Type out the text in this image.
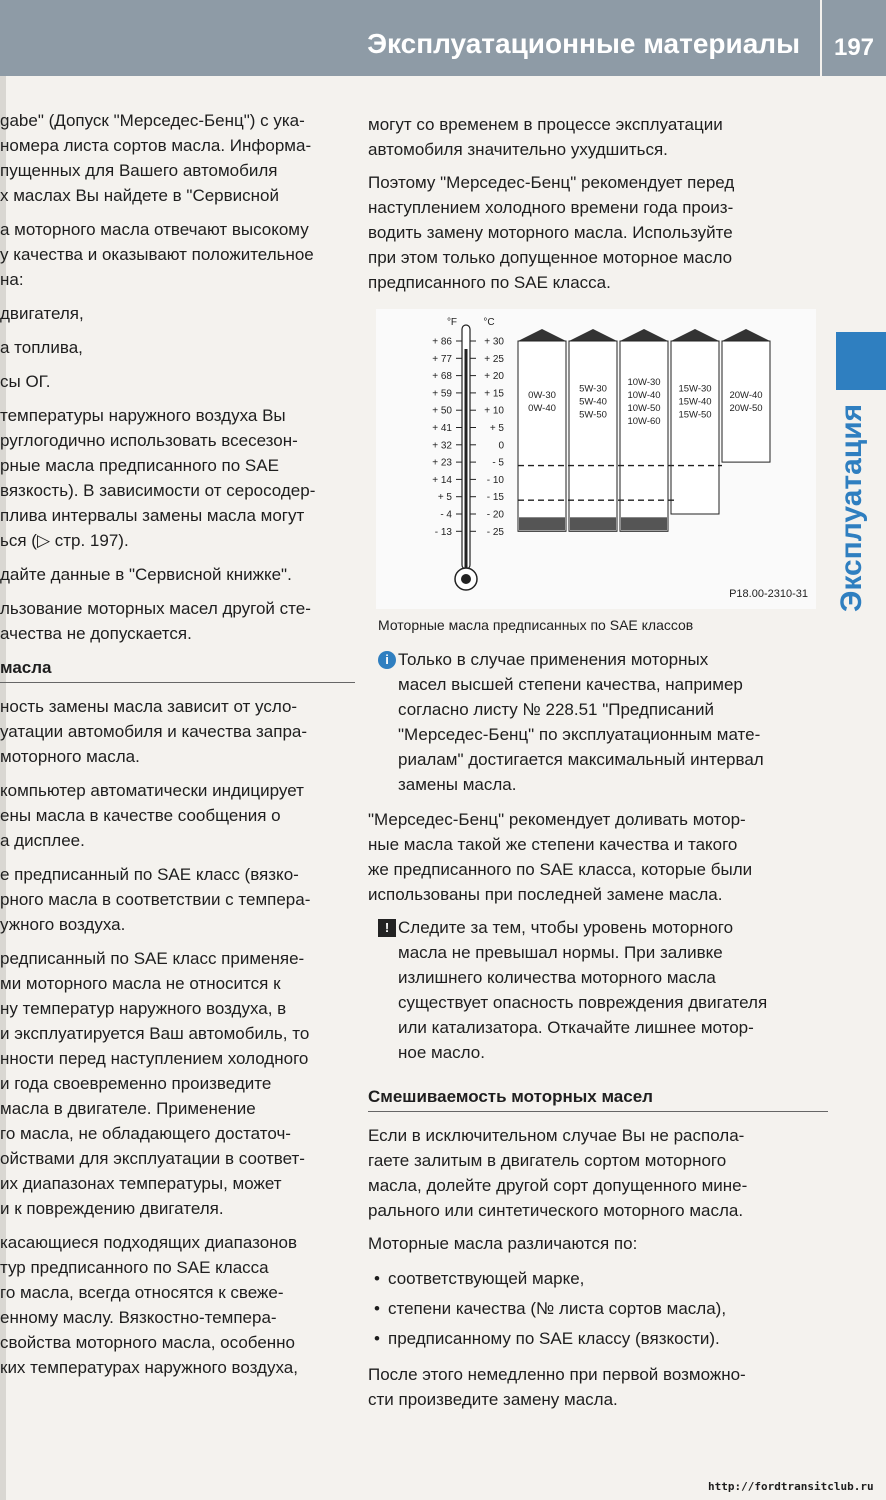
Эксплуатационные материалы	197
Эксплуатация

gabe" (Допуск "Мерседес-Бенц") с ука-
номера листа сортов масла. Информа-
пущенных для Вашего автомобиля
х маслах Вы найдете в "Сервисной

а моторного масла отвечают высокому
у качества и оказывают положительное
на:

двигателя,

а топлива,

сы ОГ.

температуры наружного воздуха Вы
руглогодично использовать всесезон-
рные масла предписанного по SAE
вязкость). В зависимости от серосодер-
плива интервалы замены масла могут
ься (▷ стр. 197).

дайте данные в "Сервисной книжке".

льзование моторных масел другой сте-
ачества не допускается.

масла

ность замены масла зависит от усло-
уатации автомобиля и качества запра-
моторного масла.

компьютер автоматически индицирует
ены масла в качестве сообщения о
а дисплее.

е предписанный по SAE класс (вязко-
рного масла в соответствии с темпера-
ужного воздуха.

редписанный по SAE класс применяе-
ми моторного масла не относится к
ну температур наружного воздуха, в
и эксплуатируется Ваш автомобиль, то
нности перед наступлением холодного
и года своевременно произведите
масла в двигателе. Применение
го масла, не обладающего достаточ-
ойствами для эксплуатации в соответ-
их диапазонах температуры, может
и к повреждению двигателя.

касающиеся подходящих диапазонов
тур предписанного по SAE класса
го масла, всегда относятся к свеже-
енному маслу. Вязкостно-темпера-
свойства моторного масла, особенно
ких температурах наружного воздуха,

могут со временем в процессе эксплуатации
автомобиля значительно ухудшиться.

Поэтому "Мерседес-Бенц" рекомендует перед
наступлением холодного времени года произ-
водить замену моторного масла. Используйте
при этом только допущенное моторное масло
предписанного по SAE класса.

°F	°C
+ 86	+ 30
+ 77	+ 25
+ 68	+ 20
+ 59	+ 15
+ 50	+ 10
+ 41	+ 5
+ 32	0
+ 23	- 5
+ 14	- 10
+ 5	- 15
- 4	- 20
- 13	- 25
0W-30
0W-40
5W-30
5W-40
5W-50
10W-30
10W-40
10W-50
10W-60
15W-30
15W-40
15W-50
20W-40
20W-50
P18.00-2310-31
Моторные масла предписанных по SAE классов
i Только в случае применения моторных
масел высшей степени качества, например
согласно листу № 228.51 "Предписаний
"Мерседес-Бенц" по эксплуатационным мате-
риалам" достигается максимальный интервал
замены масла.

"Мерседес-Бенц" рекомендует доливать мотор-
ные масла такой же степени качества и такого
же предписанного по SAE класса, которые были
использованы при последней замене масла.

! Следите за тем, чтобы уровень моторного
масла не превышал нормы. При заливке
излишнего количества моторного масла
существует опасность повреждения двигателя
или катализатора. Откачайте лишнее мотор-
ное масло.

Смешиваемость моторных масел

Если в исключительном случае Вы не распола-
гаете залитым в двигатель сортом моторного
масла, долейте другой сорт допущенного мине-
рального или синтетического моторного масла.

Моторные масла различаются по:

• соответствующей марке,
• степени качества (№ листа сортов масла),
• предписанному по SAE классу (вязкости).

После этого немедленно при первой возможно-
сти произведите замену масла.

http://fordtransitclub.ru
